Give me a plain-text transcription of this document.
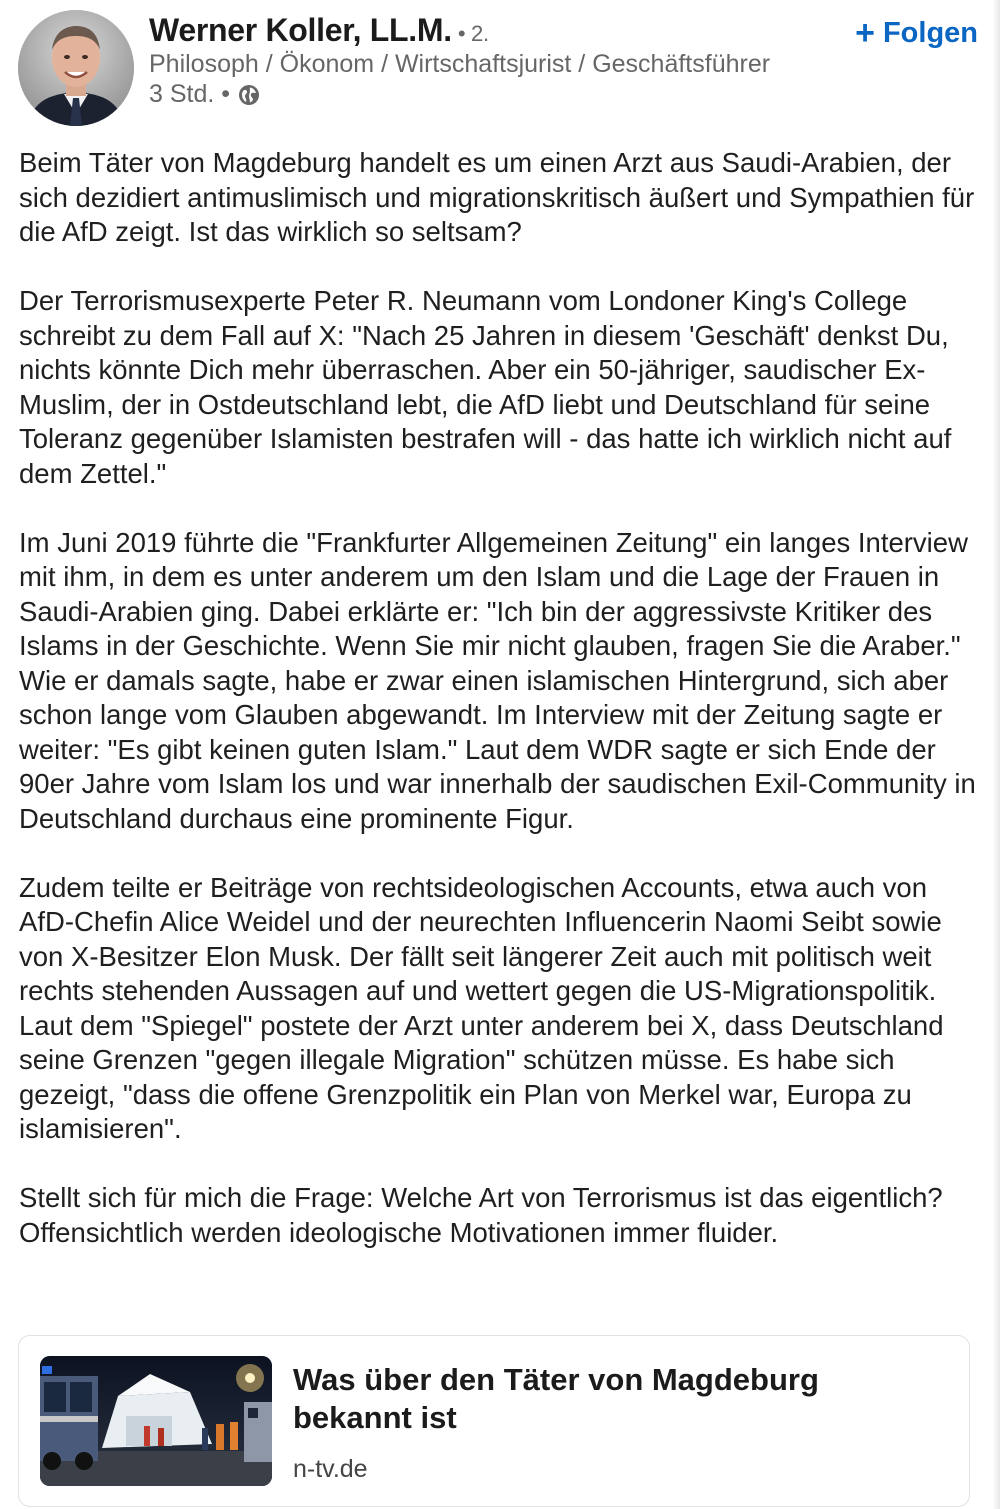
Werner Koller, LL.M. • 2.
Philosoph / Ökonom / Wirtschaftsjurist / Geschäftsführer
3 Std. •
+ Folgen

Beim Täter von Magdeburg handelt es um einen Arzt aus Saudi-Arabien, der sich dezidiert antimuslimisch und migrationskritisch äußert und Sympathien für die AfD zeigt. Ist das wirklich so seltsam?

Der Terrorismusexperte Peter R. Neumann vom Londoner King's College schreibt zu dem Fall auf X: "Nach 25 Jahren in diesem 'Geschäft' denkst Du, nichts könnte Dich mehr überraschen. Aber ein 50-jähriger, saudischer Ex-Muslim, der in Ostdeutschland lebt, die AfD liebt und Deutschland für seine Toleranz gegenüber Islamisten bestrafen will - das hatte ich wirklich nicht auf dem Zettel."

Im Juni 2019 führte die "Frankfurter Allgemeinen Zeitung" ein langes Interview mit ihm, in dem es unter anderem um den Islam und die Lage der Frauen in Saudi-Arabien ging. Dabei erklärte er: "Ich bin der aggressivste Kritiker des Islams in der Geschichte. Wenn Sie mir nicht glauben, fragen Sie die Araber." Wie er damals sagte, habe er zwar einen islamischen Hintergrund, sich aber schon lange vom Glauben abgewandt. Im Interview mit der Zeitung sagte er weiter: "Es gibt keinen guten Islam." Laut dem WDR sagte er sich Ende der 90er Jahre vom Islam los und war innerhalb der saudischen Exil-Community in Deutschland durchaus eine prominente Figur.

Zudem teilte er Beiträge von rechtsideologischen Accounts, etwa auch von AfD-Chefin Alice Weidel und der neurechten Influencerin Naomi Seibt sowie von X-Besitzer Elon Musk. Der fällt seit längerer Zeit auch mit politisch weit rechts stehenden Aussagen auf und wettert gegen die US-Migrationspolitik. Laut dem "Spiegel" postete der Arzt unter anderem bei X, dass Deutschland seine Grenzen "gegen illegale Migration" schützen müsse. Es habe sich gezeigt, "dass die offene Grenzpolitik ein Plan von Merkel war, Europa zu islamisieren".

Stellt sich für mich die Frage: Welche Art von Terrorismus ist das eigentlich? Offensichtlich werden ideologische Motivationen immer fluider.

Was über den Täter von Magdeburg bekannt ist
n-tv.de
